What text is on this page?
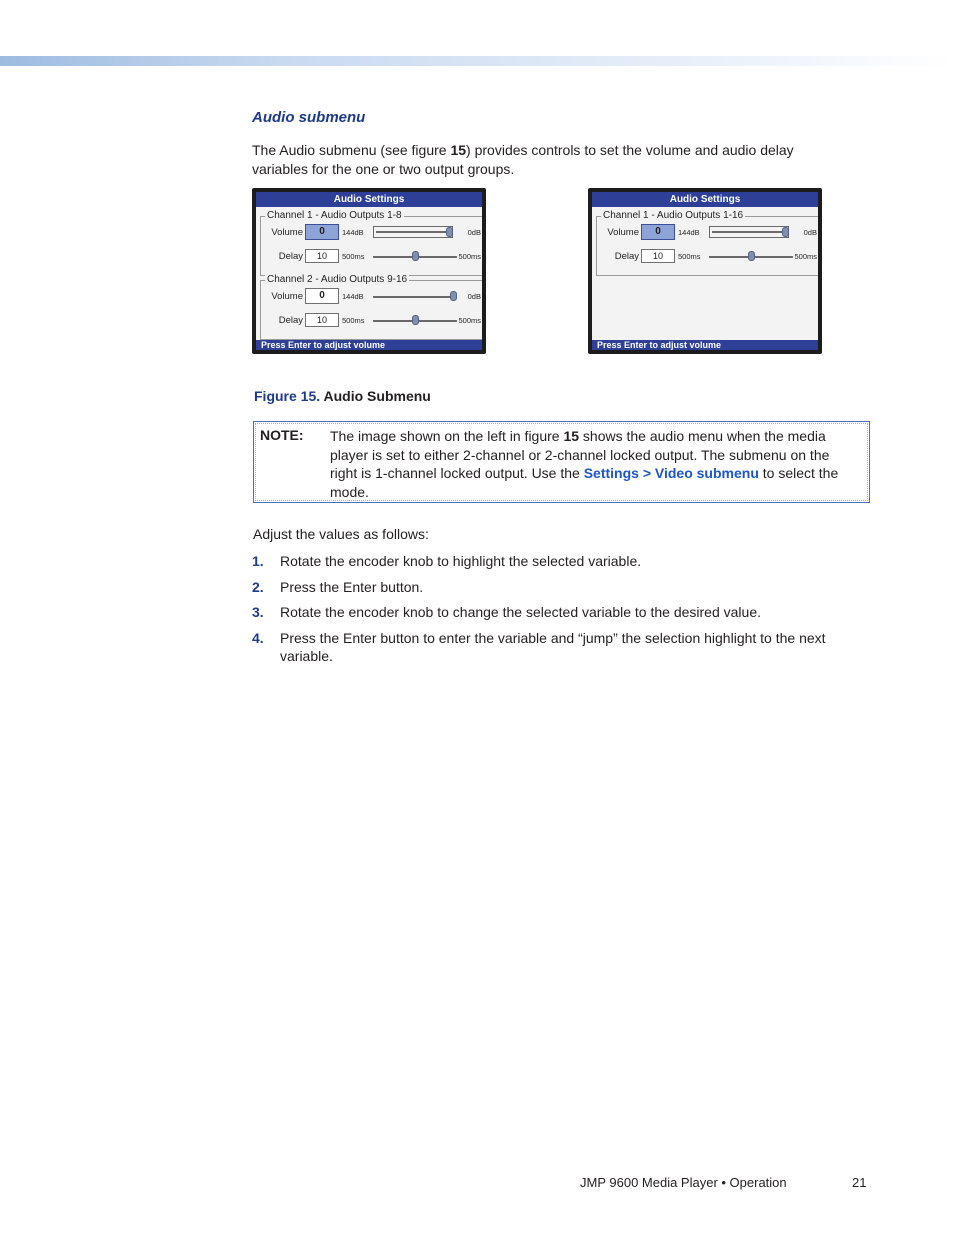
Audio submenu
The Audio submenu (see figure 15) provides controls to set the volume and audio delay variables for the one or two output groups.
Audio Settings
Channel 1 - Audio Outputs 1-8
Volume	0	144dB	0dB
Delay	10	500ms	500ms
Channel 2 - Audio Outputs 9-16
Volume	0	144dB	0dB
Delay	10	500ms	500ms
Press Enter to adjust volume
Audio Settings
Channel 1 - Audio Outputs 1-16
Volume	0	144dB	0dB
Delay	10	500ms	500ms
Press Enter to adjust volume
Figure 15. Audio Submenu
NOTE: The image shown on the left in figure 15 shows the audio menu when the media player is set to either 2-channel or 2-channel locked output. The submenu on the right is 1-channel locked output. Use the Settings > Video submenu to select the mode.
Adjust the values as follows:
1.	Rotate the encoder knob to highlight the selected variable.
2.	Press the Enter button.
3.	Rotate the encoder knob to change the selected variable to the desired value.
4.	Press the Enter button to enter the variable and “jump” the selection highlight to the next variable.
JMP 9600 Media Player • Operation	21
